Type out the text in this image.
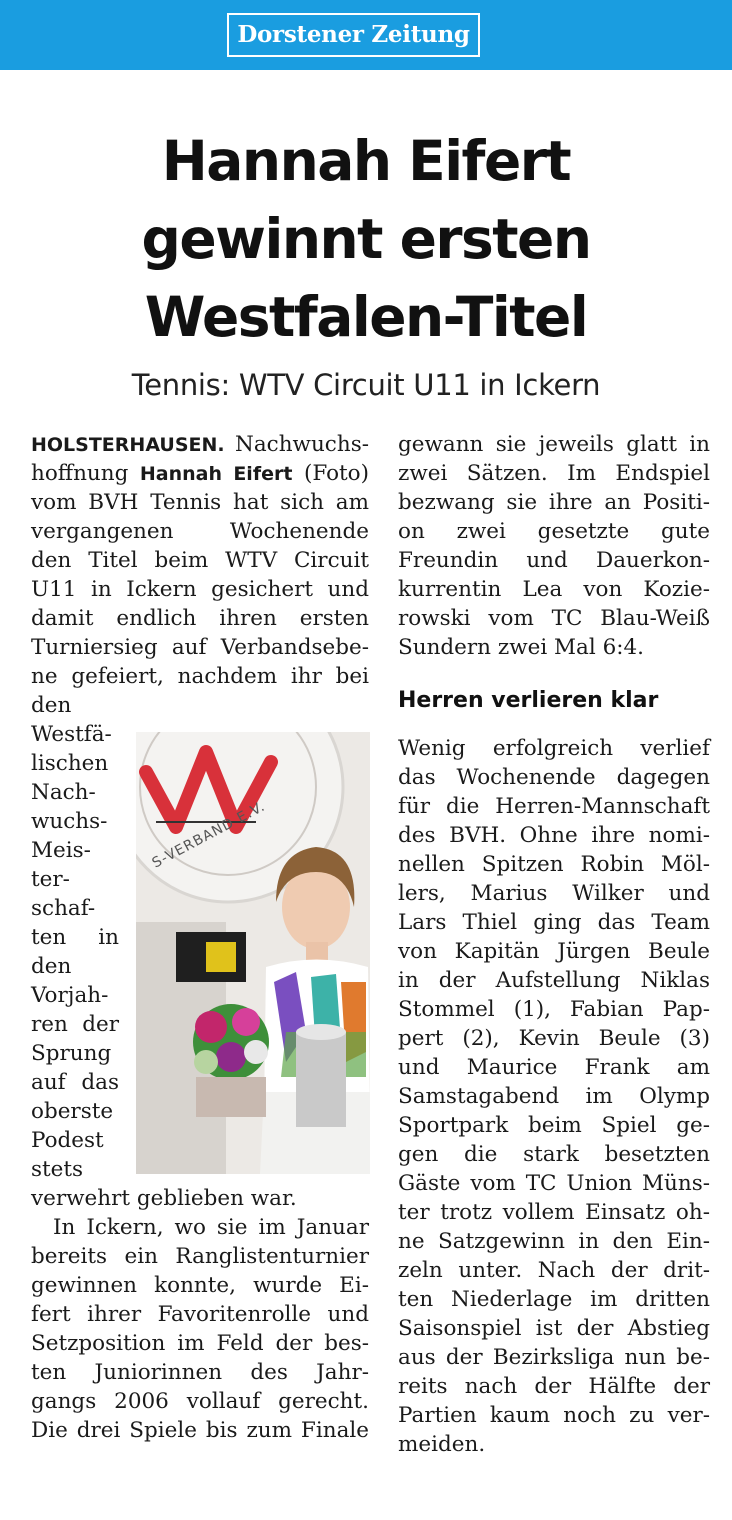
Dorstener Zeitung
Hannah Eifert
gewinnt ersten
Westfalen-Titel
Tennis: WTV Circuit U11 in Ickern
HOLSTERHAUSEN. Nachwuchs-
hoffnung Hannah Eifert (Foto)
vom BVH Tennis hat sich am
vergangenen Wochenende
den Titel beim WTV Circuit
U11 in Ickern gesichert und
damit endlich ihren ersten
Turniersieg auf Verbandsebe-
ne gefeiert, nachdem ihr bei
den
Westfä-
lischen
Nach-
wuchs-
Meis-
ter-
schaf-
ten in
den
Vorjah-
ren der
Sprung
auf das
oberste
Podest
stets
verwehrt geblieben war.
In Ickern, wo sie im Januar
bereits ein Ranglistenturnier
gewinnen konnte, wurde Ei-
fert ihrer Favoritenrolle und
Setzposition im Feld der bes-
ten Juniorinnen des Jahr-
gangs 2006 vollauf gerecht.
Die drei Spiele bis zum Finale
S-VERBAND E.V.
gewann sie jeweils glatt in
zwei Sätzen. Im Endspiel
bezwang sie ihre an Positi-
on zwei gesetzte gute
Freundin und Dauerkon-
kurrentin Lea von Kozie-
rowski vom TC Blau-Weiß
Sundern zwei Mal 6:4.
Herren verlieren klar
Wenig erfolgreich verlief
das Wochenende dagegen
für die Herren-Mannschaft
des BVH. Ohne ihre nomi-
nellen Spitzen Robin Möl-
lers, Marius Wilker und
Lars Thiel ging das Team
von Kapitän Jürgen Beule
in der Aufstellung Niklas
Stommel (1), Fabian Pap-
pert (2), Kevin Beule (3)
und Maurice Frank am
Samstagabend im Olymp
Sportpark beim Spiel ge-
gen die stark besetzten
Gäste vom TC Union Müns-
ter trotz vollem Einsatz oh-
ne Satzgewinn in den Ein-
zeln unter. Nach der drit-
ten Niederlage im dritten
Saisonspiel ist der Abstieg
aus der Bezirksliga nun be-
reits nach der Hälfte der
Partien kaum noch zu ver-
meiden.
